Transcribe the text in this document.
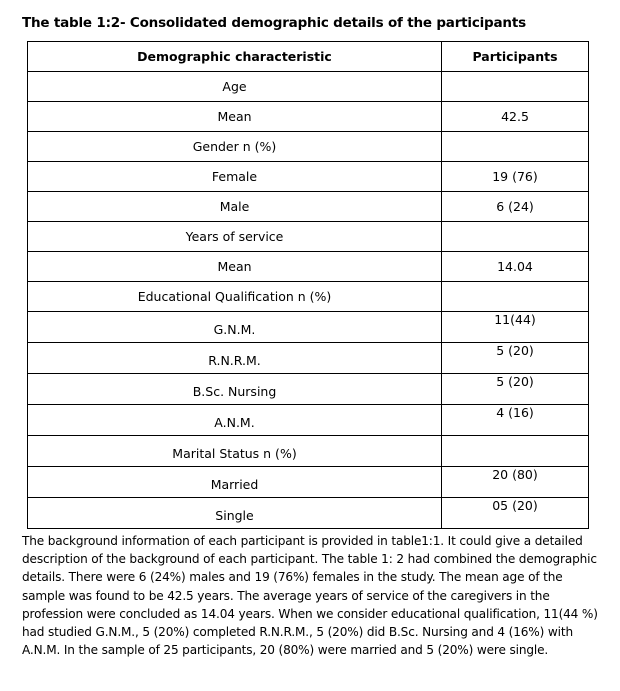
The table 1:2- Consolidated demographic details of the participants
Demographic characteristic	Participants
Age	
Mean	42.5
Gender n (%)	
Female	19 (76)
Male	6 (24)
Years of service	
Mean	14.04
Educational Qualification n (%)	
G.N.M.	11(44)
R.N.R.M.	5 (20)
B.Sc. Nursing	5 (20)
A.N.M.	4 (16)
Marital Status n (%)	
Married	20 (80)
Single	05 (20)
The background information of each participant is provided in table1:1. It could give a detailed description of the background of each participant. The table 1: 2 had combined the demographic details. There were 6 (24%) males and 19 (76%) females in the study. The mean age of the sample was found to be 42.5 years. The average years of service of the caregivers in the profession were concluded as 14.04 years. When we consider educational qualification, 11(44 %) had studied G.N.M., 5 (20%) completed R.N.R.M., 5 (20%) did B.Sc. Nursing and 4 (16%) with A.N.M. In the sample of 25 participants, 20 (80%) were married and 5 (20%) were single.
